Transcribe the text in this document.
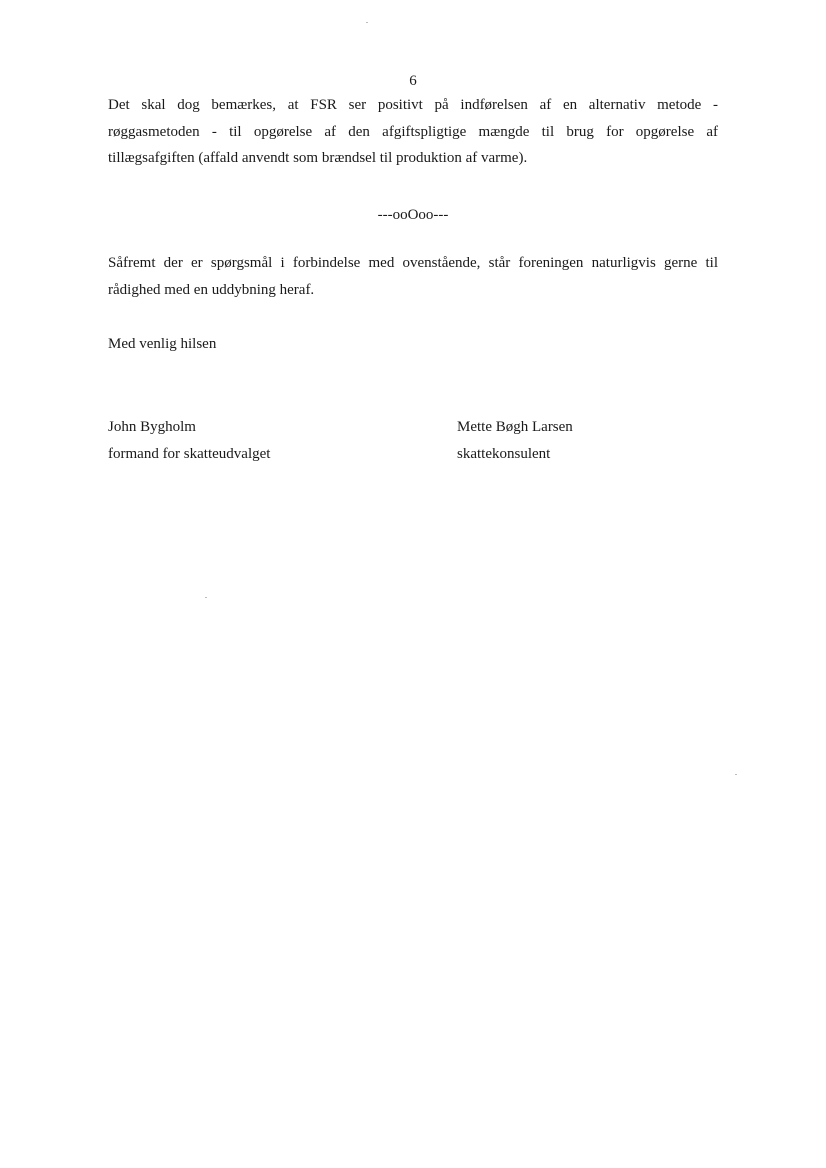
6

Det skal dog bemærkes, at FSR ser positivt på indførelsen af en alternativ metode -
røggasmetoden - til opgørelse af den afgiftspligtige mængde til brug for opgørelse af
tillægsafgiften (affald anvendt som brændsel til produktion af varme).

---ooOoo---

Såfremt der er spørgsmål i forbindelse med ovenstående, står foreningen naturligvis gerne til
rådighed med en uddybning heraf.

Med venlig hilsen
John Bygholm
formand for skatteudvalget
Mette Bøgh Larsen
skattekonsulent
